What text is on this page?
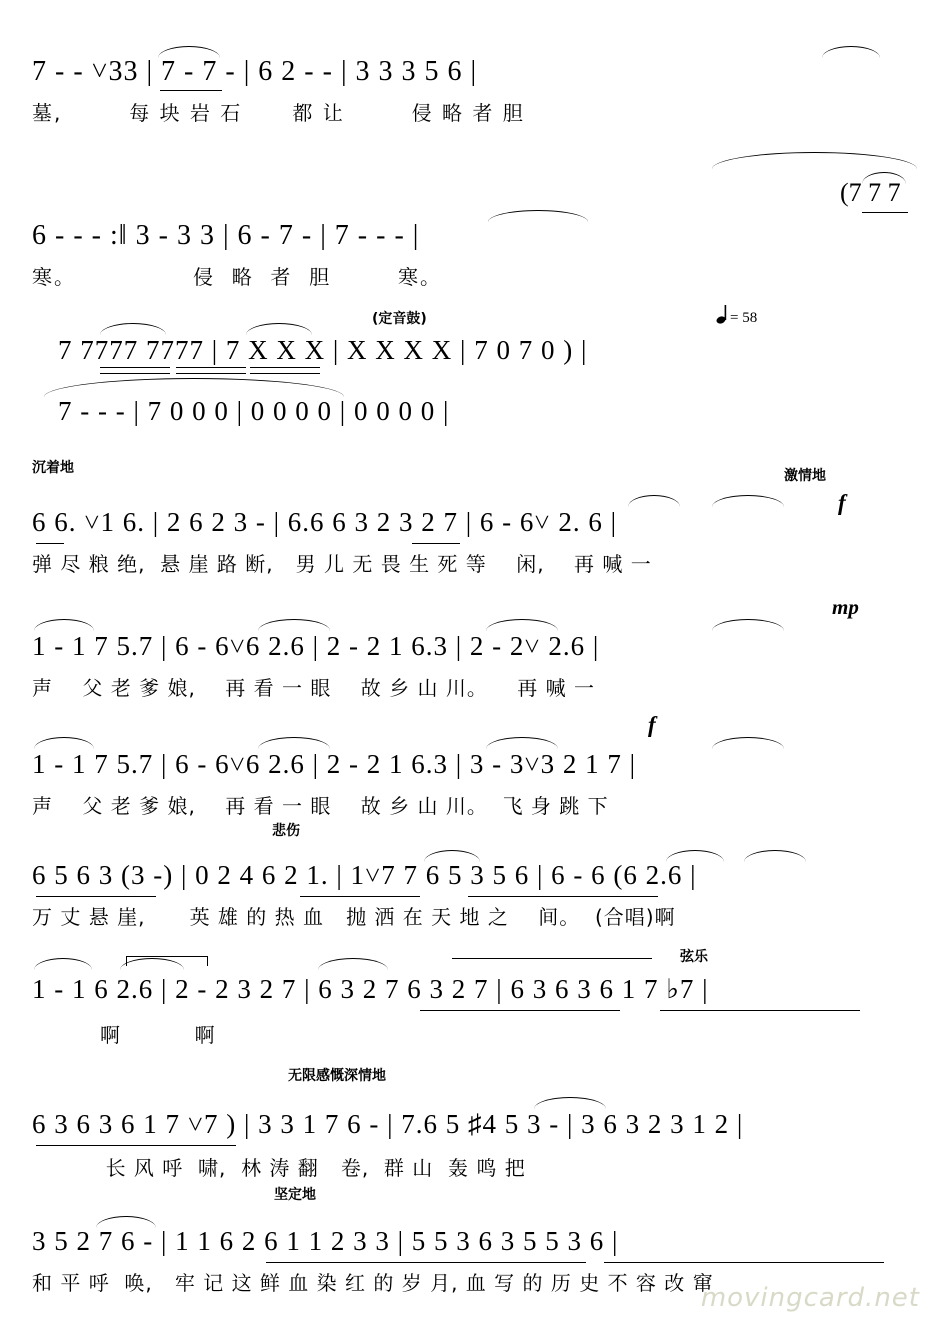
7 - - ˅33 | 7 - 7 - | 6 2 - - | 3 3 3 5 6 |
墓,        每 块 岩 石      都 让        侵 略 者 胆
(7 7 7
6 - - - :‖ 3 - 3 3 | 6 - 7 - | 7 - - - |
寒。              侵  略  者  胆        寒。
(定音鼓)	= 58
7 7777 7777 | 7 X X X | X X X X | 7 0 7 0 ) |
7 - - - | 7 0 0 0 | 0 0 0 0 | 0 0 0 0 |
沉着地	激情地
f
6 6. ˅1 6. | 2 6 2 3 - | 6.6 6 3 2 3 2 7 | 6 - 6˅ 2. 6 |
弹 尽 粮 绝,  悬 崖 路 断,   男 儿 无 畏 生 死 等    闲,    再 喊 一
mp
1 - 1 7 5.7 | 6 - 6˅6 2.6 | 2 - 2 1 6.3 | 2 - 2˅ 2.6 |
声    父 老 爹 娘,    再 看 一 眼    故 乡 山 川。    再 喊 一
f
1 - 1 7 5.7 | 6 - 6˅6 2.6 | 2 - 2 1 6.3 | 3 - 3˅3 2 1 7 |
声    父 老 爹 娘,    再 看 一 眼    故 乡 山 川。  飞 身 跳 下
悲伤
6 5 6 3 (3 -) | 0 2 4 6 2 1. | 1˅7 7 6 5 3 5 6 | 6 - 6 (6 2.6 |
万 丈 悬 崖,      英 雄 的 热 血   抛 洒 在 天 地 之    间。  (合唱)啊
弦乐
1 - 1 6 2.6 | 2 - 2 3 2 7 | 6 3 2 7 6 3 2 7 | 6 3 6 3 6 1 7 ♭7 |
啊          啊
无限感慨深情地
6 3 6 3 6 1 7 ˅7 ) | 3 3 1 7 6 - | 7.6 5 ♯4 5 3 - | 3 6 3 2 3 1 2 |
长 风 呼  啸,  林 涛 翻   卷,  群 山  轰 鸣 把
坚定地
3 5 2 7 6 - | 1 1 6 2 6 1 1 2 3 3 | 5 5 3 6 3 5 5 3 6 |
和 平 呼  唤,   牢 记 这 鲜 血 染 红 的 岁 月, 血 写 的 历 史 不 容 改 窜
movingcard.net
